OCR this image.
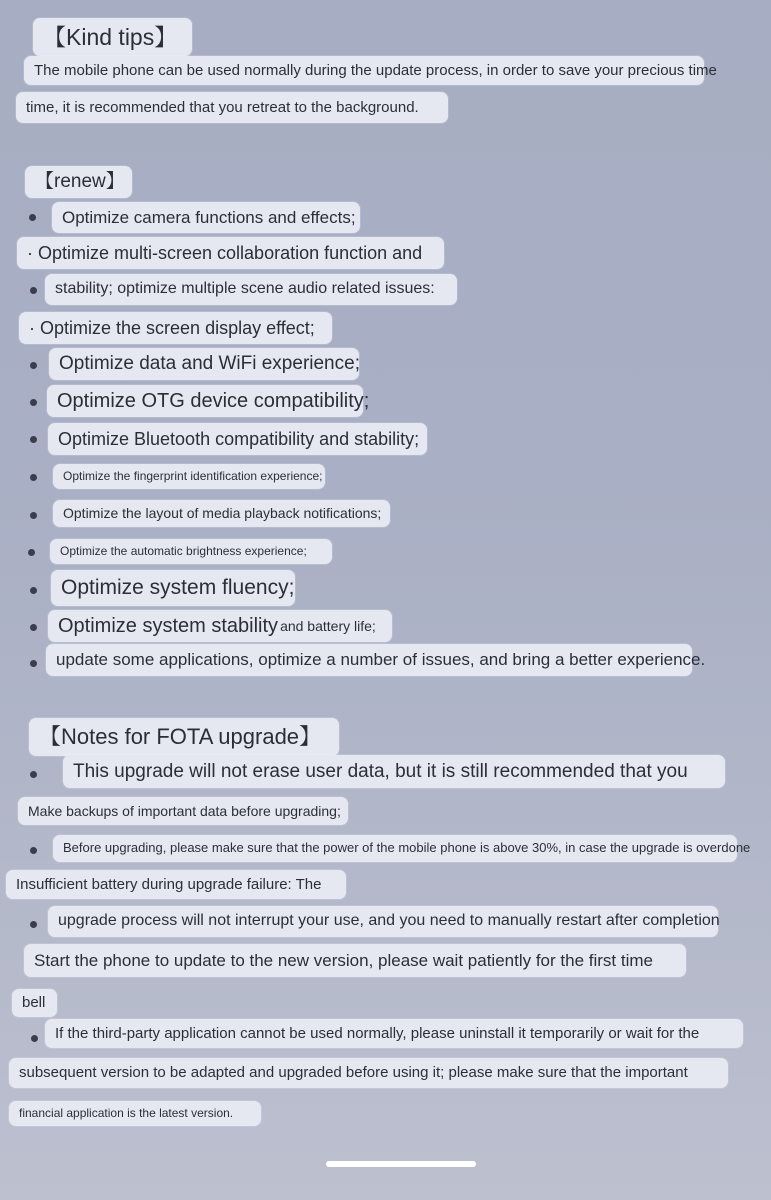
【Kind tips】
The mobile phone can be used normally during the update process, in order to save your precious time
time, it is recommended that you retreat to the background.
【renew】
Optimize camera functions and effects;
· Optimize multi-screen collaboration function and
stability; optimize multiple scene audio related issues:
· Optimize the screen display effect;
Optimize data and WiFi experience;
Optimize OTG device compatibility;
Optimize Bluetooth compatibility and stability;
Optimize the fingerprint identification experience;
Optimize the layout of media playback notifications;
Optimize the automatic brightness experience;
Optimize system fluency;
Optimize system stability and battery life;
update some applications, optimize a number of issues, and bring a better experience.
【Notes for FOTA upgrade】
This upgrade will not erase user data, but it is still recommended that you
Make backups of important data before upgrading;
Before upgrading, please make sure that the power of the mobile phone is above 30%, in case the upgrade is overdone
Insufficient battery during upgrade failure: The
upgrade process will not interrupt your use, and you need to manually restart after completion
Start the phone to update to the new version, please wait patiently for the first time
bell
If the third-party application cannot be used normally, please uninstall it temporarily or wait for the
subsequent version to be adapted and upgraded before using it; please make sure that the important
financial application is the latest version.
